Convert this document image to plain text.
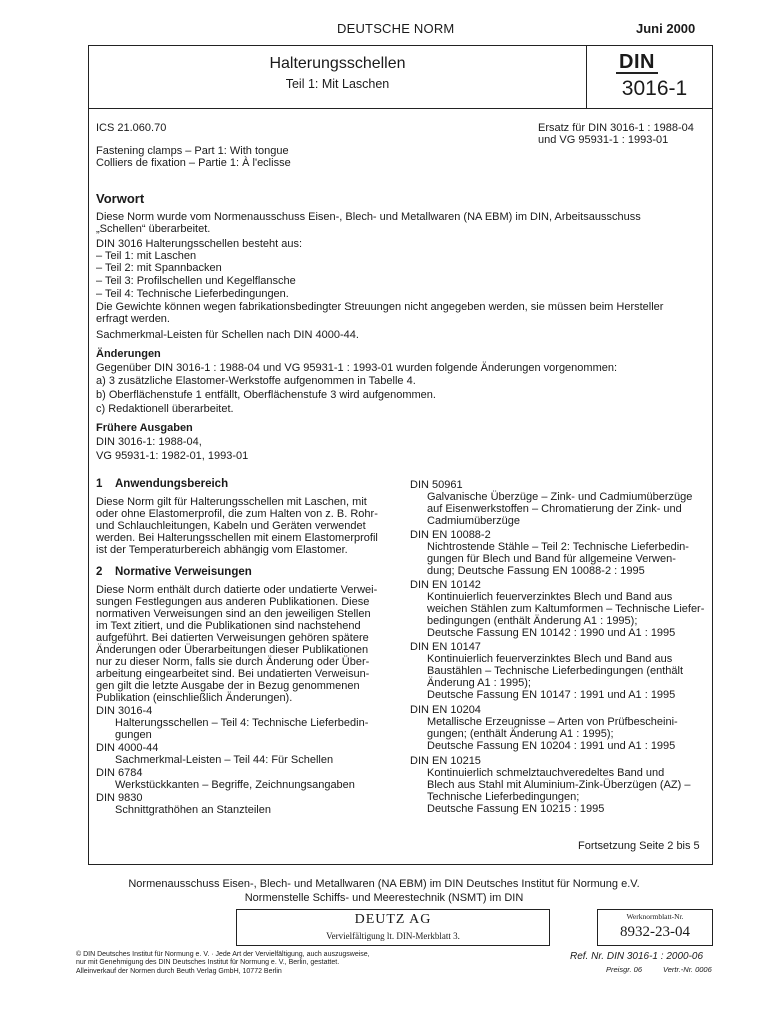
DEUTSCHE NORM	Juni 2000
Halterungsschellen
Teil 1: Mit Laschen
DIN
3016-1
ICS 21.060.70	Ersatz für DIN 3016-1 : 1988-04
und VG 95931-1 : 1993-01
Fastening clamps – Part 1: With tongue
Colliers de fixation – Partie 1: À l'eclisse
Vorwort
Diese Norm wurde vom Normenausschuss Eisen-, Blech- und Metallwaren (NA EBM) im DIN, Arbeitsausschuss
„Schellen“ überarbeitet.
DIN 3016 Halterungsschellen besteht aus:
– Teil 1: mit Laschen
– Teil 2: mit Spannbacken
– Teil 3: Profilschellen und Kegelflansche
– Teil 4: Technische Lieferbedingungen.
Die Gewichte können wegen fabrikationsbedingter Streuungen nicht angegeben werden, sie müssen beim Hersteller
erfragt werden.
Sachmerkmal-Leisten für Schellen nach DIN 4000-44.
Änderungen
Gegenüber DIN 3016-1 : 1988-04 und VG 95931-1 : 1993-01 wurden folgende Änderungen vorgenommen:
a) 3 zusätzliche Elastomer-Werkstoffe aufgenommen in Tabelle 4.
b) Oberflächenstufe 1 entfällt, Oberflächenstufe 3 wird aufgenommen.
c) Redaktionell überarbeitet.
Frühere Ausgaben
DIN 3016-1: 1988-04,
VG 95931-1: 1982-01, 1993-01
1 Anwendungsbereich
Diese Norm gilt für Halterungsschellen mit Laschen, mit
oder ohne Elastomerprofil, die zum Halten von z. B. Rohr-
und Schlauchleitungen, Kabeln und Geräten verwendet
werden. Bei Halterungsschellen mit einem Elastomerprofil
ist der Temperaturbereich abhängig vom Elastomer.
2 Normative Verweisungen
Diese Norm enthält durch datierte oder undatierte Verwei-
sungen Festlegungen aus anderen Publikationen. Diese
normativen Verweisungen sind an den jeweiligen Stellen
im Text zitiert, und die Publikationen sind nachstehend
aufgeführt. Bei datierten Verweisungen gehören spätere
Änderungen oder Überarbeitungen dieser Publikationen
nur zu dieser Norm, falls sie durch Änderung oder Über-
arbeitung eingearbeitet sind. Bei undatierten Verweisun-
gen gilt die letzte Ausgabe der in Bezug genommenen
Publikation (einschließlich Änderungen).
DIN 3016-4
Halterungsschellen – Teil 4: Technische Lieferbedin-
gungen
DIN 4000-44
Sachmerkmal-Leisten – Teil 44: Für Schellen
DIN 6784
Werkstückkanten – Begriffe, Zeichnungsangaben
DIN 9830
Schnittgrathöhen an Stanzteilen
DIN 50961
Galvanische Überzüge – Zink- und Cadmiumüberzüge
auf Eisenwerkstoffen – Chromatierung der Zink- und
Cadmiumüberzüge
DIN EN 10088-2
Nichtrostende Stähle – Teil 2: Technische Lieferbedin-
gungen für Blech und Band für allgemeine Verwen-
dung; Deutsche Fassung EN 10088-2 : 1995
DIN EN 10142
Kontinuierlich feuerverzinktes Blech und Band aus
weichen Stählen zum Kaltumformen – Technische Liefer-
bedingungen (enthält Änderung A1 : 1995);
Deutsche Fassung EN 10142 : 1990 und A1 : 1995
DIN EN 10147
Kontinuierlich feuerverzinktes Blech und Band aus
Baustählen – Technische Lieferbedingungen (enthält
Änderung A1 : 1995);
Deutsche Fassung EN 10147 : 1991 und A1 : 1995
DIN EN 10204
Metallische Erzeugnisse – Arten von Prüfbescheini-
gungen; (enthält Änderung A1 : 1995);
Deutsche Fassung EN 10204 : 1991 und A1 : 1995
DIN EN 10215
Kontinuierlich schmelztauchveredeltes Band und
Blech aus Stahl mit Aluminium-Zink-Überzügen (AZ) –
Technische Lieferbedingungen;
Deutsche Fassung EN 10215 : 1995
Fortsetzung Seite 2 bis 5
Normenausschuss Eisen-, Blech- und Metallwaren (NA EBM) im DIN Deutsches Institut für Normung e.V.
Normenstelle Schiffs- und Meerestechnik (NSMT) im DIN
DEUTZ AG
Vervielfältigung lt. DIN-Merkblatt 3.
Werknormblatt-Nr.
8932-23-04
© DIN Deutsches Institut für Normung e. V. · Jede Art der Vervielfältigung, auch auszugsweise,
nur mit Genehmigung des DIN Deutsches Institut für Normung e. V., Berlin, gestattet.
Alleinverkauf der Normen durch Beuth Verlag GmbH, 10772 Berlin
Ref. Nr. DIN 3016-1 : 2000-06
Preisgr. 06	Vertr.-Nr. 0006
